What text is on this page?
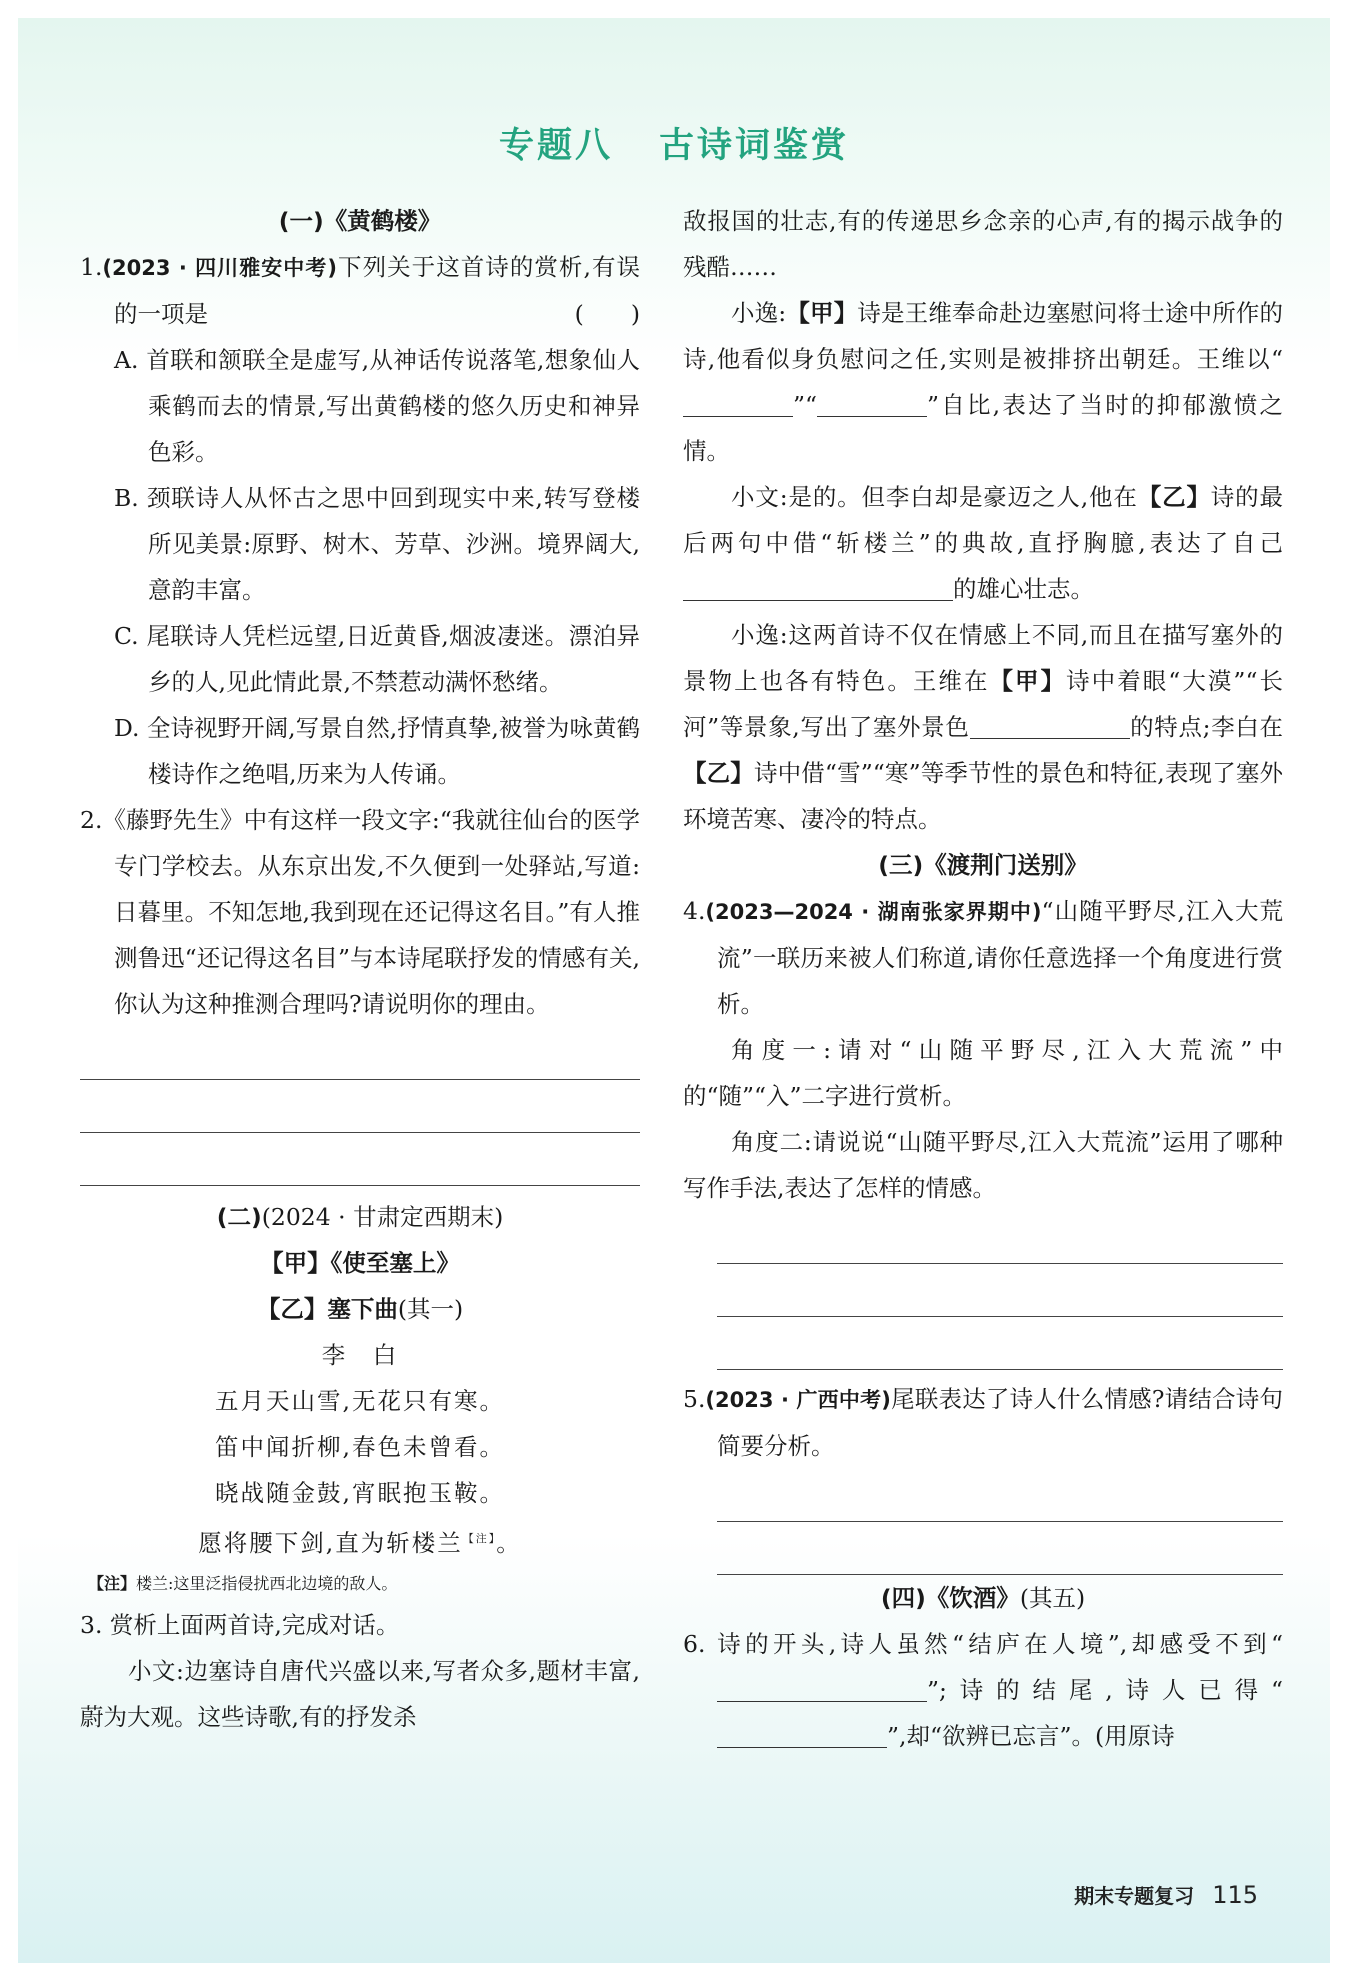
专题八 古诗词鉴赏
(一)《黄鹤楼》

1.(2023 · 四川雅安中考)下列关于这首诗的赏析,有误的一项是	(　　)

A. 首联和颔联全是虚写,从神话传说落笔,想象仙人乘鹤而去的情景,写出黄鹤楼的悠久历史和神异色彩。

B. 颈联诗人从怀古之思中回到现实中来,转写登楼所见美景:原野、树木、芳草、沙洲。境界阔大,意韵丰富。

C. 尾联诗人凭栏远望,日近黄昏,烟波凄迷。漂泊异乡的人,见此情此景,不禁惹动满怀愁绪。

D. 全诗视野开阔,写景自然,抒情真挚,被誉为咏黄鹤楼诗作之绝唱,历来为人传诵。

2.《藤野先生》中有这样一段文字:“我就往仙台的医学专门学校去。从东京出发,不久便到一处驿站,写道:日暮里。不知怎地,我到现在还记得这名目。”有人推测鲁迅“还记得这名目”与本诗尾联抒发的情感有关,你认为这种推测合理吗?请说明你的理由。

(二)(2024 · 甘肃定西期末)
【甲】《使至塞上》
【乙】塞下曲(其一)
李　白
五月天山雪,无花只有寒。
笛中闻折柳,春色未曾看。
晓战随金鼓,宵眠抱玉鞍。
愿将腰下剑,直为斩楼兰$^{【注】}$。
【注】楼兰:这里泛指侵扰西北边境的敌人。

3. 赏析上面两首诗,完成对话。

小文:边塞诗自唐代兴盛以来,写者众多,题材丰富,蔚为大观。这些诗歌,有的抒发杀

敌报国的壮志,有的传递思乡念亲的心声,有的揭示战争的残酷……

小逸:【甲】诗是王维奉命赴边塞慰问将士途中所作的诗,他看似身负慰问之任,实则是被排挤出朝廷。王维以“”“	”自比,表达了当时的抑郁激愤之情。

小文:是的。但李白却是豪迈之人,他在【乙】诗的最后两句中借“斩楼兰”的典故,直抒胸臆,表达了自己的雄心壮志。

小逸:这两首诗不仅在情感上不同,而且在描写塞外的景物上也各有特色。王维在【甲】诗中着眼“大漠”“长河”等景象,写出了塞外景色	的特点;李白在【乙】诗中借“雪”“寒”等季节性的景色和特征,表现了塞外环境苦寒、凄冷的特点。

(三)《渡荆门送别》

4.(2023—2024 · 湖南张家界期中)“山随平野尽,江入大荒流”一联历来被人们称道,请你任意选择一个角度进行赏析。

角度一:请对“山随平野尽,江入大荒流”中的“随”“入”二字进行赏析。

角度二:请说说“山随平野尽,江入大荒流”运用了哪种写作手法,表达了怎样的情感。

5.(2023 · 广西中考)尾联表达了诗人什么情感?请结合诗句简要分析。

(四)《饮酒》(其五)

6. 诗的开头,诗人虽然“结庐在人境”,却感受不到“”;诗的结尾,诗人已得“”,却“欲辨已忘言”。(用原诗

期末专题复习 115
